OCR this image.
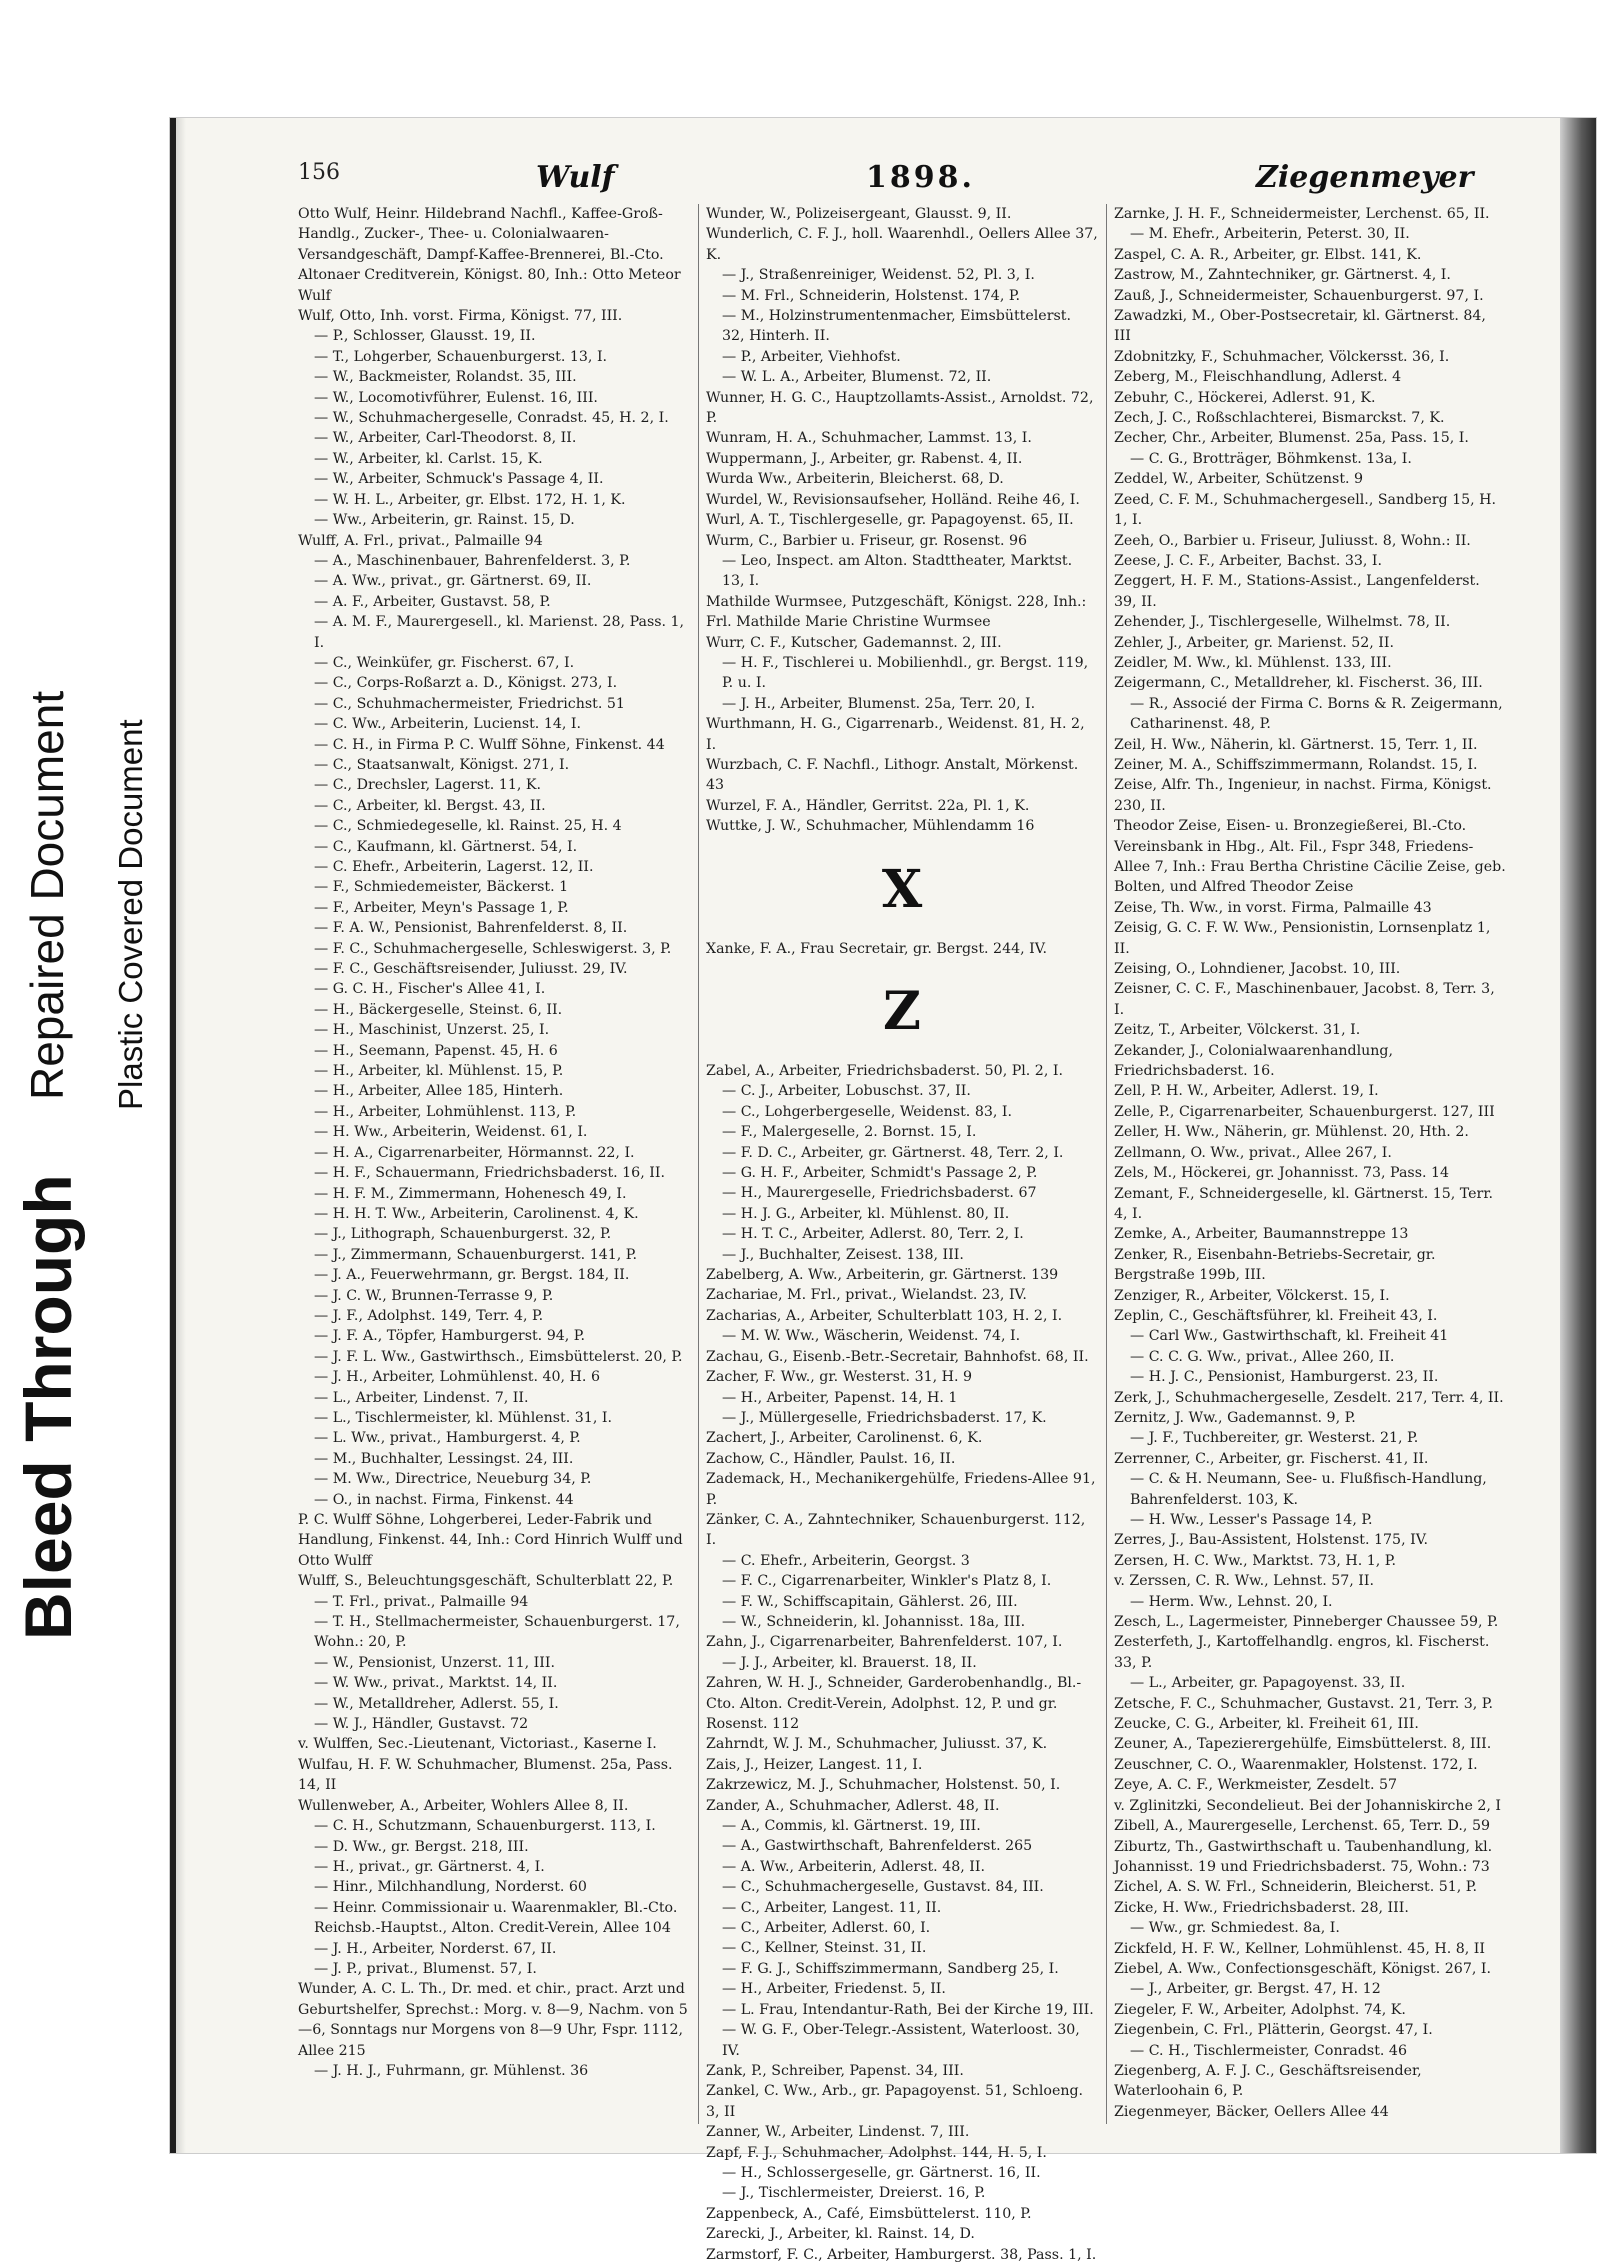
Bleed Through
Repaired Document Plastic Covered Document
156	Wulf	1898.	Ziegenmeyer
Otto Wulf, Heinr. Hildebrand Nachfl., Kaffee-Groß-Handlg., Zucker-, Thee- u. Colonialwaaren-Versandgeschäft, Dampf-Kaffee-Brennerei, Bl.-Cto. Altonaer Creditverein, Königst. 80, Inh.: Otto Meteor Wulf
Wulf, Otto, Inh. vorst. Firma, Königst. 77, III.
— P., Schlosser, Glausst. 19, II.
— T., Lohgerber, Schauenburgerst. 13, I.
— W., Backmeister, Rolandst. 35, III.
— W., Locomotivführer, Eulenst. 16, III.
— W., Schuhmachergeselle, Conradst. 45, H. 2, I.
— W., Arbeiter, Carl-Theodorst. 8, II.
— W., Arbeiter, kl. Carlst. 15, K.
— W., Arbeiter, Schmuck's Passage 4, II.
— W. H. L., Arbeiter, gr. Elbst. 172, H. 1, K.
— Ww., Arbeiterin, gr. Rainst. 15, D.
Wulff, A. Frl., privat., Palmaille 94
— A., Maschinenbauer, Bahrenfelderst. 3, P.
— A. Ww., privat., gr. Gärtnerst. 69, II.
— A. F., Arbeiter, Gustavst. 58, P.
— A. M. F., Maurergesell., kl. Marienst. 28, Pass. 1, I.
— C., Weinküfer, gr. Fischerst. 67, I.
— C., Corps-Roßarzt a. D., Königst. 273, I.
— C., Schuhmachermeister, Friedrichst. 51
— C. Ww., Arbeiterin, Lucienst. 14, I.
— C. H., in Firma P. C. Wulff Söhne, Finkenst. 44
— C., Staatsanwalt, Königst. 271, I.
— C., Drechsler, Lagerst. 11, K.
— C., Arbeiter, kl. Bergst. 43, II.
— C., Schmiedegeselle, kl. Rainst. 25, H. 4
— C., Kaufmann, kl. Gärtnerst. 54, I.
— C. Ehefr., Arbeiterin, Lagerst. 12, II.
— F., Schmiedemeister, Bäckerst. 1
— F., Arbeiter, Meyn's Passage 1, P.
— F. A. W., Pensionist, Bahrenfelderst. 8, II.
— F. C., Schuhmachergeselle, Schleswigerst. 3, P.
— F. C., Geschäftsreisender, Juliusst. 29, IV.
— G. C. H., Fischer's Allee 41, I.
— H., Bäckergeselle, Steinst. 6, II.
— H., Maschinist, Unzerst. 25, I.
— H., Seemann, Papenst. 45, H. 6
— H., Arbeiter, kl. Mühlenst. 15, P.
— H., Arbeiter, Allee 185, Hinterh.
— H., Arbeiter, Lohmühlenst. 113, P.
— H. Ww., Arbeiterin, Weidenst. 61, I.
— H. A., Cigarrenarbeiter, Hörmannst. 22, I.
— H. F., Schauermann, Friedrichsbaderst. 16, II.
— H. F. M., Zimmermann, Hohenesch 49, I.
— H. H. T. Ww., Arbeiterin, Carolinenst. 4, K.
— J., Lithograph, Schauenburgerst. 32, P.
— J., Zimmermann, Schauenburgerst. 141, P.
— J. A., Feuerwehrmann, gr. Bergst. 184, II.
— J. C. W., Brunnen-Terrasse 9, P.
— J. F., Adolphst. 149, Terr. 4, P.
— J. F. A., Töpfer, Hamburgerst. 94, P.
— J. F. L. Ww., Gastwirthsch., Eimsbüttelerst. 20, P.
— J. H., Arbeiter, Lohmühlenst. 40, H. 6
— L., Arbeiter, Lindenst. 7, II.
— L., Tischlermeister, kl. Mühlenst. 31, I.
— L. Ww., privat., Hamburgerst. 4, P.
— M., Buchhalter, Lessingst. 24, III.
— M. Ww., Directrice, Neueburg 34, P.
— O., in nachst. Firma, Finkenst. 44
P. C. Wulff Söhne, Lohgerberei, Leder-Fabrik und Handlung, Finkenst. 44, Inh.: Cord Hinrich Wulff und Otto Wulff
Wulff, S., Beleuchtungsgeschäft, Schulterblatt 22, P.
— T. Frl., privat., Palmaille 94
— T. H., Stellmachermeister, Schauenburgerst. 17, Wohn.: 20, P.
— W., Pensionist, Unzerst. 11, III.
— W. Ww., privat., Marktst. 14, II.
— W., Metalldreher, Adlerst. 55, I.
— W. J., Händler, Gustavst. 72
v. Wulffen, Sec.-Lieutenant, Victoriast., Kaserne I.
Wulfau, H. F. W. Schuhmacher, Blumenst. 25a, Pass. 14, II
Wullenweber, A., Arbeiter, Wohlers Allee 8, II.
— C. H., Schutzmann, Schauenburgerst. 113, I.
— D. Ww., gr. Bergst. 218, III.
— H., privat., gr. Gärtnerst. 4, I.
— Hinr., Milchhandlung, Norderst. 60
— Heinr. Commissionair u. Waarenmakler, Bl.-Cto. Reichsb.-Hauptst., Alton. Credit-Verein, Allee 104
— J. H., Arbeiter, Norderst. 67, II.
— J. P., privat., Blumenst. 57, I.
Wunder, A. C. L. Th., Dr. med. et chir., pract. Arzt und Geburtshelfer, Sprechst.: Morg. v. 8—9, Nachm. von 5—6, Sonntags nur Morgens von 8—9 Uhr, Fspr. 1112, Allee 215
— J. H. J., Fuhrmann, gr. Mühlenst. 36
Wunder, W., Polizeisergeant, Glausst. 9, II.
Wunderlich, C. F. J., holl. Waarenhdl., Oellers Allee 37, K.
— J., Straßenreiniger, Weidenst. 52, Pl. 3, I.
— M. Frl., Schneiderin, Holstenst. 174, P.
— M., Holzinstrumentenmacher, Eimsbüttelerst. 32, Hinterh. II.
— P., Arbeiter, Viehhofst.
— W. L. A., Arbeiter, Blumenst. 72, II.
Wunner, H. G. C., Hauptzollamts-Assist., Arnoldst. 72, P.
Wunram, H. A., Schuhmacher, Lammst. 13, I.
Wuppermann, J., Arbeiter, gr. Rabenst. 4, II.
Wurda Ww., Arbeiterin, Bleicherst. 68, D.
Wurdel, W., Revisionsaufseher, Holländ. Reihe 46, I.
Wurl, A. T., Tischlergeselle, gr. Papagoyenst. 65, II.
Wurm, C., Barbier u. Friseur, gr. Rosenst. 96
— Leo, Inspect. am Alton. Stadttheater, Marktst. 13, I.
Mathilde Wurmsee, Putzgeschäft, Königst. 228, Inh.: Frl. Mathilde Marie Christine Wurmsee
Wurr, C. F., Kutscher, Gademannst. 2, III.
— H. F., Tischlerei u. Mobilienhdl., gr. Bergst. 119, P. u. I.
— J. H., Arbeiter, Blumenst. 25a, Terr. 20, I.
Wurthmann, H. G., Cigarrenarb., Weidenst. 81, H. 2, I.
Wurzbach, C. F. Nachfl., Lithogr. Anstalt, Mörkenst. 43
Wurzel, F. A., Händler, Gerritst. 22a, Pl. 1, K.
Wuttke, J. W., Schuhmacher, Mühlendamm 16
X
Xanke, F. A., Frau Secretair, gr. Bergst. 244, IV.
Z
Zabel, A., Arbeiter, Friedrichsbaderst. 50, Pl. 2, I.
— C. J., Arbeiter, Lobuschst. 37, II.
— C., Lohgerbergeselle, Weidenst. 83, I.
— F., Malergeselle, 2. Bornst. 15, I.
— F. D. C., Arbeiter, gr. Gärtnerst. 48, Terr. 2, I.
— G. H. F., Arbeiter, Schmidt's Passage 2, P.
— H., Maurergeselle, Friedrichsbaderst. 67
— H. J. G., Arbeiter, kl. Mühlenst. 80, II.
— H. T. C., Arbeiter, Adlerst. 80, Terr. 2, I.
— J., Buchhalter, Zeisest. 138, III.
Zabelberg, A. Ww., Arbeiterin, gr. Gärtnerst. 139
Zachariae, M. Frl., privat., Wielandst. 23, IV.
Zacharias, A., Arbeiter, Schulterblatt 103, H. 2, I.
— M. W. Ww., Wäscherin, Weidenst. 74, I.
Zachau, G., Eisenb.-Betr.-Secretair, Bahnhofst. 68, II.
Zacher, F. Ww., gr. Westerst. 31, H. 9
— H., Arbeiter, Papenst. 14, H. 1
— J., Müllergeselle, Friedrichsbaderst. 17, K.
Zachert, J., Arbeiter, Carolinenst. 6, K.
Zachow, C., Händler, Paulst. 16, II.
Zademack, H., Mechanikergehülfe, Friedens-Allee 91, P.
Zänker, C. A., Zahntechniker, Schauenburgerst. 112, I.
— C. Ehefr., Arbeiterin, Georgst. 3
— F. C., Cigarrenarbeiter, Winkler's Platz 8, I.
— F. W., Schiffscapitain, Gählerst. 26, III.
— W., Schneiderin, kl. Johannisst. 18a, III.
Zahn, J., Cigarrenarbeiter, Bahrenfelderst. 107, I.
— J. J., Arbeiter, kl. Brauerst. 18, II.
Zahren, W. H. J., Schneider, Garderobenhandlg., Bl.-Cto. Alton. Credit-Verein, Adolphst. 12, P. und gr. Rosenst. 112
Zahrndt, W. J. M., Schuhmacher, Juliusst. 37, K.
Zais, J., Heizer, Langest. 11, I.
Zakrzewicz, M. J., Schuhmacher, Holstenst. 50, I.
Zander, A., Schuhmacher, Adlerst. 48, II.
— A., Commis, kl. Gärtnerst. 19, III.
— A., Gastwirthschaft, Bahrenfelderst. 265
— A. Ww., Arbeiterin, Adlerst. 48, II.
— C., Schuhmachergeselle, Gustavst. 84, III.
— C., Arbeiter, Langest. 11, II.
— C., Arbeiter, Adlerst. 60, I.
— C., Kellner, Steinst. 31, II.
— F. G. J., Schiffszimmermann, Sandberg 25, I.
— H., Arbeiter, Friedenst. 5, II.
— L. Frau, Intendantur-Rath, Bei der Kirche 19, III.
— W. G. F., Ober-Telegr.-Assistent, Waterloost. 30, IV.
Zank, P., Schreiber, Papenst. 34, III.
Zankel, C. Ww., Arb., gr. Papagoyenst. 51, Schloeng. 3, II
Zanner, W., Arbeiter, Lindenst. 7, III.
Zapf, F. J., Schuhmacher, Adolphst. 144, H. 5, I.
— H., Schlossergeselle, gr. Gärtnerst. 16, II.
— J., Tischlermeister, Dreierst. 16, P.
Zappenbeck, A., Café, Eimsbüttelerst. 110, P.
Zarecki, J., Arbeiter, kl. Rainst. 14, D.
Zarmstorf, F. C., Arbeiter, Hamburgerst. 38, Pass. 1, I.
Zarnke, J. H. F., Schneidermeister, Lerchenst. 65, II.
— M. Ehefr., Arbeiterin, Peterst. 30, II.
Zaspel, C. A. R., Arbeiter, gr. Elbst. 141, K.
Zastrow, M., Zahntechniker, gr. Gärtnerst. 4, I.
Zauß, J., Schneidermeister, Schauenburgerst. 97, I.
Zawadzki, M., Ober-Postsecretair, kl. Gärtnerst. 84, III
Zdobnitzky, F., Schuhmacher, Völckersst. 36, I.
Zeberg, M., Fleischhandlung, Adlerst. 4
Zebuhr, C., Höckerei, Adlerst. 91, K.
Zech, J. C., Roßschlachterei, Bismarckst. 7, K.
Zecher, Chr., Arbeiter, Blumenst. 25a, Pass. 15, I.
— C. G., Brotträger, Böhmkenst. 13a, I.
Zeddel, W., Arbeiter, Schützenst. 9
Zeed, C. F. M., Schuhmachergesell., Sandberg 15, H. 1, I.
Zeeh, O., Barbier u. Friseur, Juliusst. 8, Wohn.: II.
Zeese, J. C. F., Arbeiter, Bachst. 33, I.
Zeggert, H. F. M., Stations-Assist., Langenfelderst. 39, II.
Zehender, J., Tischlergeselle, Wilhelmst. 78, II.
Zehler, J., Arbeiter, gr. Marienst. 52, II.
Zeidler, M. Ww., kl. Mühlenst. 133, III.
Zeigermann, C., Metalldreher, kl. Fischerst. 36, III.
— R., Associé der Firma C. Borns & R. Zeigermann, Catharinenst. 48, P.
Zeil, H. Ww., Näherin, kl. Gärtnerst. 15, Terr. 1, II.
Zeiner, M. A., Schiffszimmermann, Rolandst. 15, I.
Zeise, Alfr. Th., Ingenieur, in nachst. Firma, Königst. 230, II.
Theodor Zeise, Eisen- u. Bronzegießerei, Bl.-Cto. Vereinsbank in Hbg., Alt. Fil., Fspr 348, Friedens-Allee 7, Inh.: Frau Bertha Christine Cäcilie Zeise, geb. Bolten, und Alfred Theodor Zeise
Zeise, Th. Ww., in vorst. Firma, Palmaille 43
Zeisig, G. C. F. W. Ww., Pensionistin, Lornsenplatz 1, II.
Zeising, O., Lohndiener, Jacobst. 10, III.
Zeisner, C. C. F., Maschinenbauer, Jacobst. 8, Terr. 3, I.
Zeitz, T., Arbeiter, Völckerst. 31, I.
Zekander, J., Colonialwaarenhandlung, Friedrichsbaderst. 16.
Zell, P. H. W., Arbeiter, Adlerst. 19, I.
Zelle, P., Cigarrenarbeiter, Schauenburgerst. 127, III
Zeller, H. Ww., Näherin, gr. Mühlenst. 20, Hth. 2.
Zellmann, O. Ww., privat., Allee 267, I.
Zels, M., Höckerei, gr. Johannisst. 73, Pass. 14
Zemant, F., Schneidergeselle, kl. Gärtnerst. 15, Terr. 4, I.
Zemke, A., Arbeiter, Baumannstreppe 13
Zenker, R., Eisenbahn-Betriebs-Secretair, gr. Bergstraße 199b, III.
Zenziger, R., Arbeiter, Völckerst. 15, I.
Zeplin, C., Geschäftsführer, kl. Freiheit 43, I.
— Carl Ww., Gastwirthschaft, kl. Freiheit 41
— C. C. G. Ww., privat., Allee 260, II.
— H. J. C., Pensionist, Hamburgerst. 23, II.
Zerk, J., Schuhmachergeselle, Zesdelt. 217, Terr. 4, II.
Zernitz, J. Ww., Gademannst. 9, P.
— J. F., Tuchbereiter, gr. Westerst. 21, P.
Zerrenner, C., Arbeiter, gr. Fischerst. 41, II.
— C. & H. Neumann, See- u. Flußfisch-Handlung, Bahrenfelderst. 103, K.
— H. Ww., Lesser's Passage 14, P.
Zerres, J., Bau-Assistent, Holstenst. 175, IV.
Zersen, H. C. Ww., Marktst. 73, H. 1, P.
v. Zerssen, C. R. Ww., Lehnst. 57, II.
— Herm. Ww., Lehnst. 20, I.
Zesch, L., Lagermeister, Pinneberger Chaussee 59, P.
Zesterfeth, J., Kartoffelhandlg. engros, kl. Fischerst. 33, P.
— L., Arbeiter, gr. Papagoyenst. 33, II.
Zetsche, F. C., Schuhmacher, Gustavst. 21, Terr. 3, P.
Zeucke, C. G., Arbeiter, kl. Freiheit 61, III.
Zeuner, A., Tapezierergehülfe, Eimsbüttelerst. 8, III.
Zeuschner, C. O., Waarenmakler, Holstenst. 172, I.
Zeye, A. C. F., Werkmeister, Zesdelt. 57
v. Zglinitzki, Secondelieut. Bei der Johanniskirche 2, I
Zibell, A., Maurergeselle, Lerchenst. 65, Terr. D., 59
Ziburtz, Th., Gastwirthschaft u. Taubenhandlung, kl. Johannisst. 19 und Friedrichsbaderst. 75, Wohn.: 73
Zichel, A. S. W. Frl., Schneiderin, Bleicherst. 51, P.
Zicke, H. Ww., Friedrichsbaderst. 28, III.
— Ww., gr. Schmiedest. 8a, I.
Zickfeld, H. F. W., Kellner, Lohmühlenst. 45, H. 8, II
Ziebel, A. Ww., Confectionsgeschäft, Königst. 267, I.
— J., Arbeiter, gr. Bergst. 47, H. 12
Ziegeler, F. W., Arbeiter, Adolphst. 74, K.
Ziegenbein, C. Frl., Plätterin, Georgst. 47, I.
— C. H., Tischlermeister, Conradst. 46
Ziegenberg, A. F. J. C., Geschäftsreisender, Waterloohain 6, P.
Ziegenmeyer, Bäcker, Oellers Allee 44
